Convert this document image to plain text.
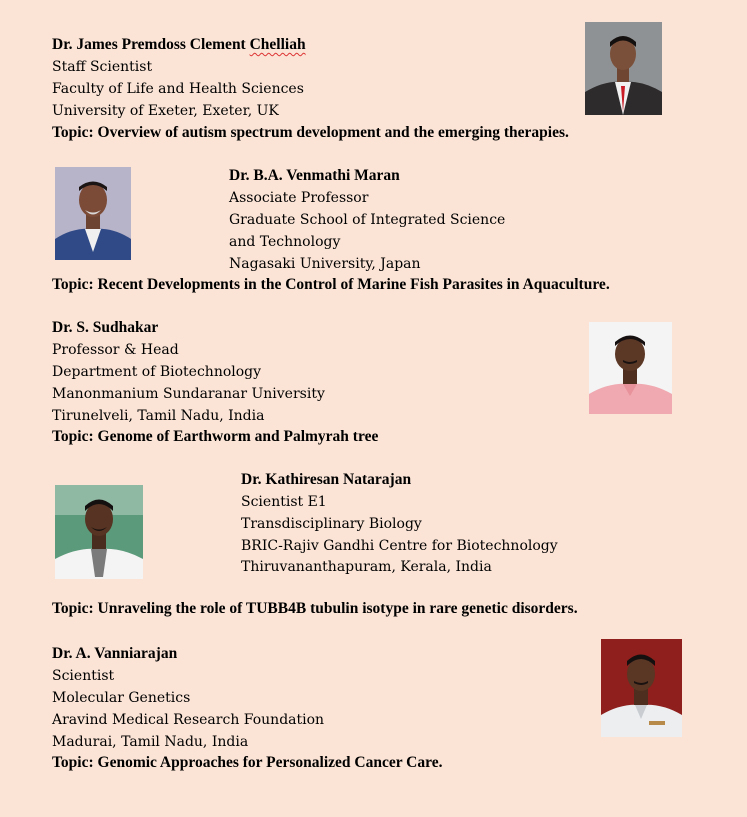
Dr. James Premdoss Clement Chelliah
Staff Scientist
Faculty of Life and Health Sciences
University of Exeter, Exeter, UK
Topic: Overview of autism spectrum development and the emerging therapies.
Dr. B.A. Venmathi Maran
Associate Professor
Graduate School of Integrated Science
and Technology
Nagasaki University, Japan
Topic: Recent Developments in the Control of Marine Fish Parasites in Aquaculture.
Dr. S. Sudhakar
Professor & Head
Department of Biotechnology
Manonmanium Sundaranar University
Tirunelveli, Tamil Nadu, India
Topic: Genome of Earthworm and Palmyrah tree
Dr. Kathiresan Natarajan
Scientist E1
Transdisciplinary Biology
BRIC-Rajiv Gandhi Centre for Biotechnology
Thiruvananthapuram, Kerala, India
Topic: Unraveling the role of TUBB4B tubulin isotype in rare genetic disorders.
Dr. A. Vanniarajan
Scientist
Molecular Genetics
Aravind Medical Research Foundation
Madurai, Tamil Nadu, India
Topic: Genomic Approaches for Personalized Cancer Care.
